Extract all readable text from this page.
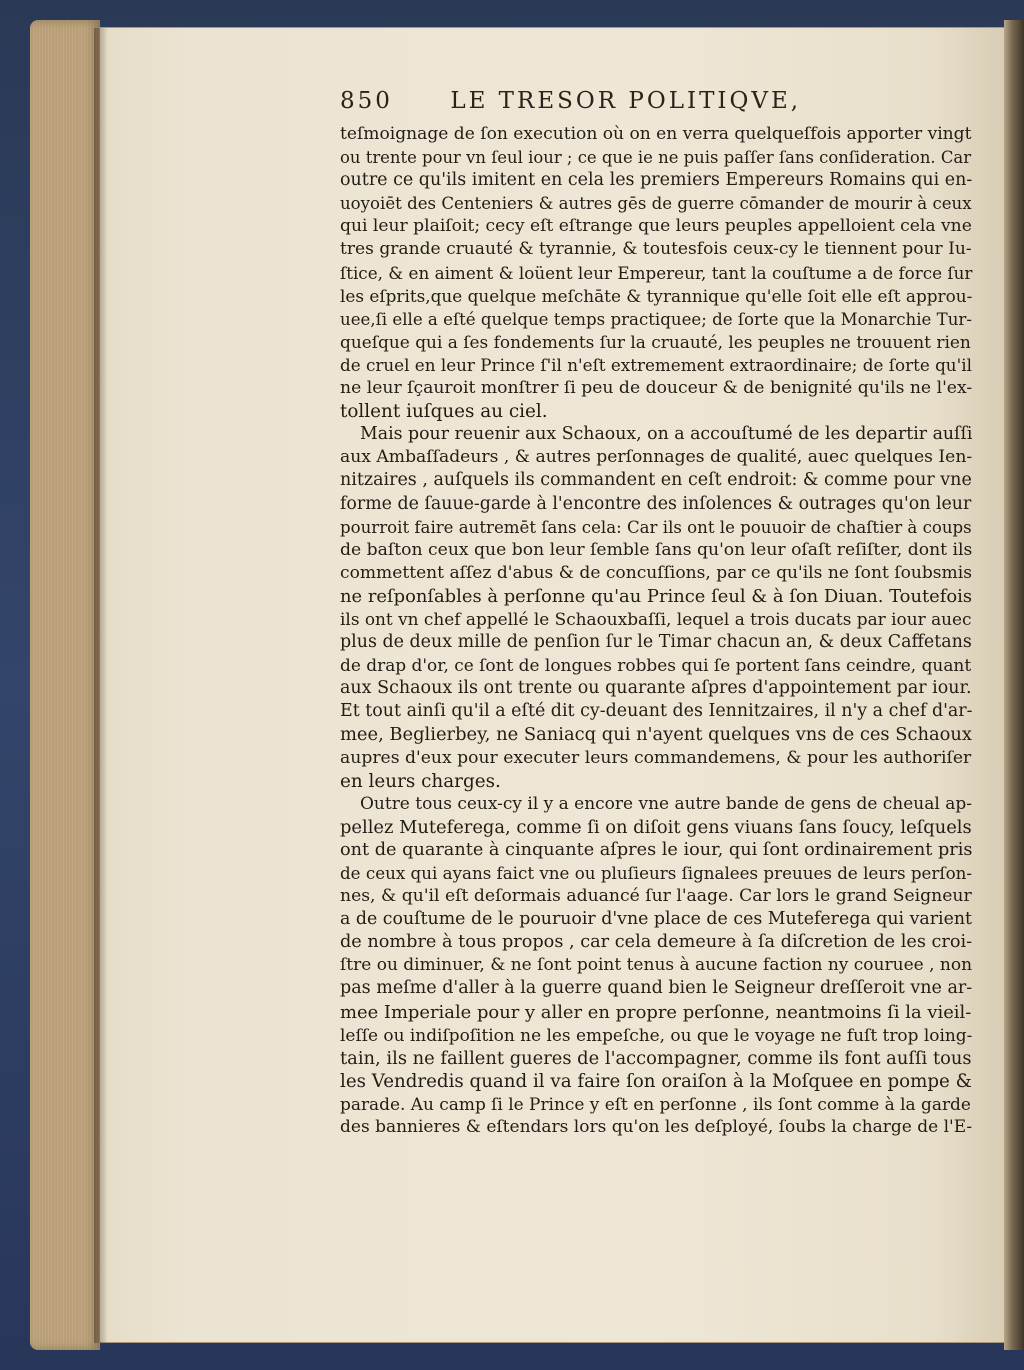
850 LE TRESOR POLITIQVE,
teſmoignage de ſon execution où on en verra quelqueſfois apporter vingt
ou trente pour vn ſeul iour ; ce que ie ne puis paſſer ſans conſideration. Car
outre ce qu'ils imitent en cela les premiers Empereurs Romains qui en-
uoyoiēt des Centeniers & autres gēs de guerre cōmander de mourir à ceux
qui leur plaiſoit; cecy eſt eſtrange que leurs peuples appelloient cela vne
tres grande cruauté & tyrannie, & toutesfois ceux-cy le tiennent pour Iu-
ſtice, & en aiment & loüent leur Empereur, tant la couſtume a de force ſur
les eſprits,que quelque meſchāte & tyrannique qu'elle ſoit elle eſt approu-
uee,ſi elle a eſté quelque temps practiquee; de ſorte que la Monarchie Tur-
queſque qui a ſes fondements ſur la cruauté, les peuples ne trouuent rien
de cruel en leur Prince ſ'il n'eſt extremement extraordinaire; de ſorte qu'il
ne leur ſçauroit monſtrer ſi peu de douceur & de benignité qu'ils ne l'ex-
tollent iuſques au ciel.
Mais pour reuenir aux Schaoux, on a accouſtumé de les departir auſſi
aux Ambaſſadeurs , & autres perſonnages de qualité, auec quelques Ien-
nitzaires , auſquels ils commandent en ceſt endroit: & comme pour vne
forme de ſauue-garde à l'encontre des inſolences & outrages qu'on leur
pourroit faire autremēt ſans cela: Car ils ont le pouuoir de chaſtier à coups
de baſton ceux que bon leur ſemble ſans qu'on leur oſaſt reſiſter, dont ils
commettent aſſez d'abus & de concuſſions, par ce qu'ils ne ſont ſoubsmis
ne reſponſables à perſonne qu'au Prince ſeul & à ſon Diuan. Toutefois
ils ont vn chef appellé le Schaouxbaſſi, lequel a trois ducats par iour auec
plus de deux mille de penſion ſur le Timar chacun an, & deux Caffetans
de drap d'or, ce ſont de longues robbes qui ſe portent ſans ceindre, quant
aux Schaoux ils ont trente ou quarante aſpres d'appointement par iour.
Et tout ainſi qu'il a eſté dit cy-deuant des Iennitzaires, il n'y a chef d'ar-
mee, Beglierbey, ne Saniacq qui n'ayent quelques vns de ces Schaoux
aupres d'eux pour executer leurs commandemens, & pour les authoriſer
en leurs charges.
Outre tous ceux-cy il y a encore vne autre bande de gens de cheual ap-
pellez Muteferega, comme ſi on diſoit gens viuans ſans ſoucy, leſquels
ont de quarante à cinquante aſpres le iour, qui ſont ordinairement pris
de ceux qui ayans faict vne ou pluſieurs ſignalees preuues de leurs perſon-
nes, & qu'il eſt deſormais aduancé ſur l'aage. Car lors le grand Seigneur
a de couſtume de le pouruoir d'vne place de ces Muteferega qui varient
de nombre à tous propos , car cela demeure à ſa diſcretion de les croi-
ſtre ou diminuer, & ne ſont point tenus à aucune faction ny couruee , non
pas meſme d'aller à la guerre quand bien le Seigneur dreſſeroit vne ar-
mee Imperiale pour y aller en propre perſonne, neantmoins ſi la vieil-
leſſe ou indiſpoſition ne les empeſche, ou que le voyage ne fuſt trop loing-
tain, ils ne faillent gueres de l'accompagner, comme ils font auſſi tous
les Vendredis quand il va faire ſon oraiſon à la Moſquee en pompe &
parade. Au camp ſi le Prince y eſt en perſonne , ils ſont comme à la garde
des bannieres & eſtendars lors qu'on les deſployé, ſoubs la charge de l'E-
